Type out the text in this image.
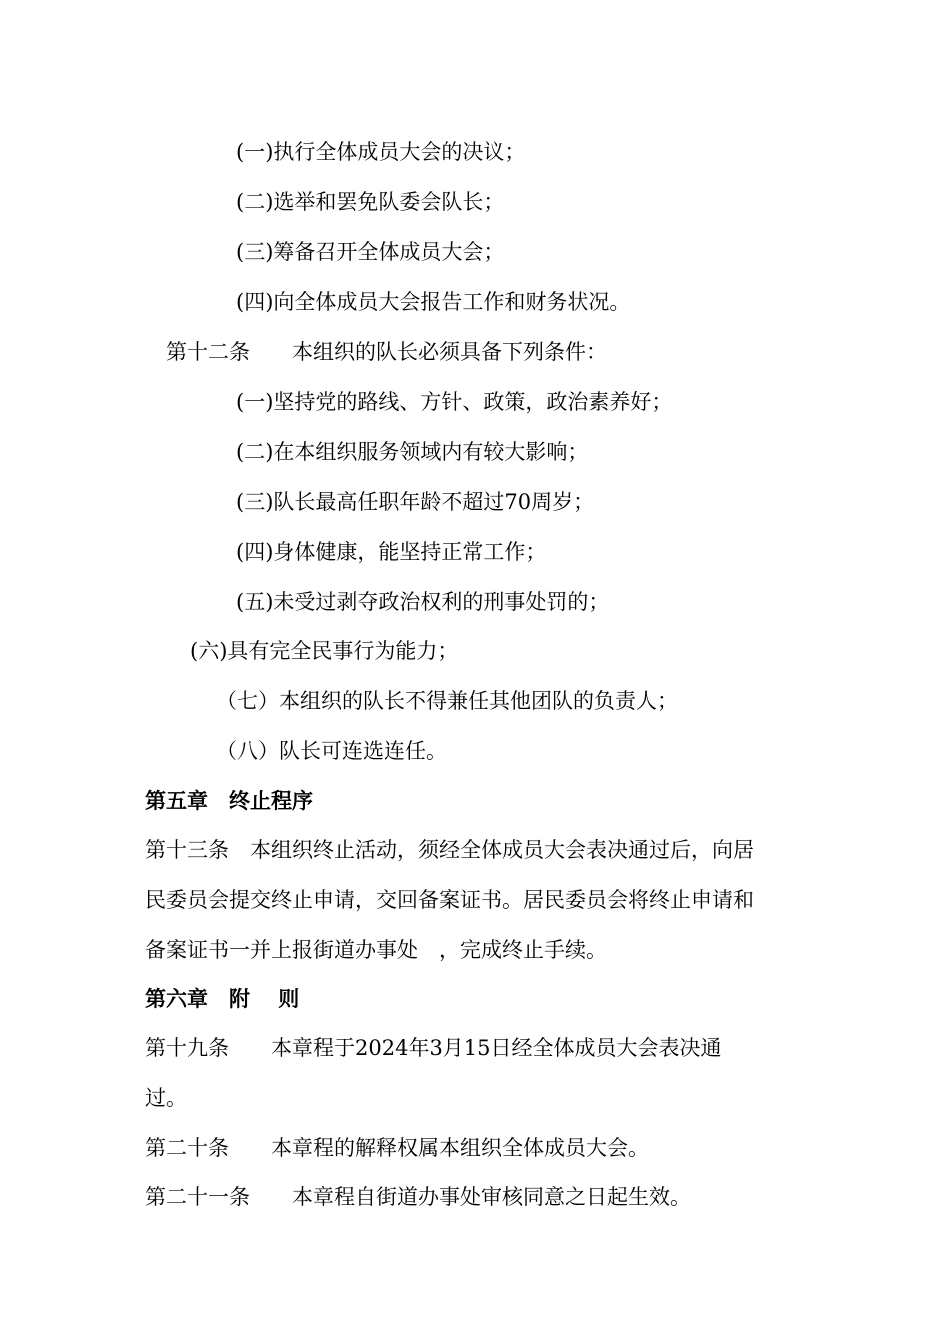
(一)执行全体成员大会的决议；
(二)选举和罢免队委会队长；
(三)筹备召开全体成员大会；
(四)向全体成员大会报告工作和财务状况。
第十二条　　本组织的队长必须具备下列条件：
(一)坚持党的路线、方针、政策，政治素养好；
(二)在本组织服务领域内有较大影响；
(三)队长最高任职年龄不超过70周岁；
(四)身体健康，能坚持正常工作；
(五)未受过剥夺政治权利的刑事处罚的；
(六)具有完全民事行为能力；
（七）本组织的队长不得兼任其他团队的负责人；
（八）队长可连选连任。
第五章　终止程序
第十三条　本组织终止活动，须经全体成员大会表决通过后，向居
民委员会提交终止申请，交回备案证书。居民委员会将终止申请和
备案证书一并上报街道办事处　，完成终止手续。
第六章　附　 则
第十九条　　本章程于2024年3月15日经全体成员大会表决通
过。
第二十条　　本章程的解释权属本组织全体成员大会。
第二十一条　　本章程自街道办事处审核同意之日起生效。
